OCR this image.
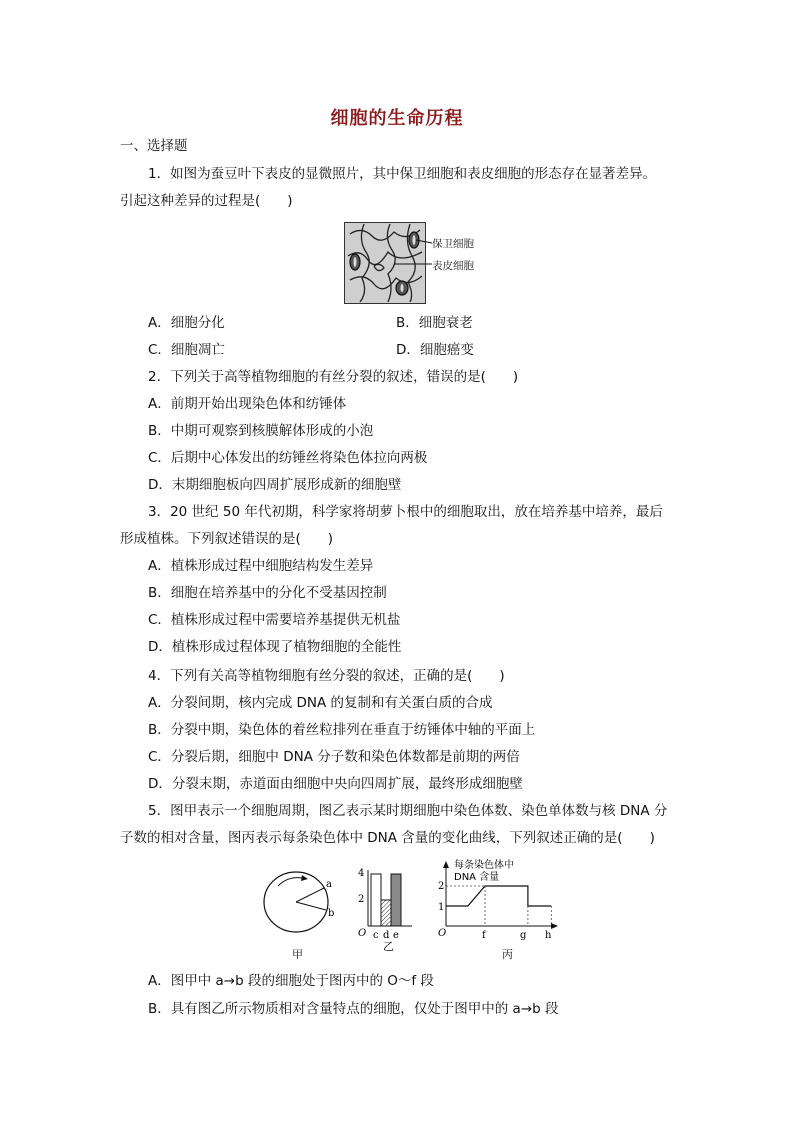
细胞的生命历程
一、选择题
1．如图为蚕豆叶下表皮的显微照片，其中保卫细胞和表皮细胞的形态存在显著差异。
引起这种差异的过程是(　　)
保卫细胞
表皮细胞
A．细胞分化	B．细胞衰老
C．细胞凋亡	D．细胞癌变
2．下列关于高等植物细胞的有丝分裂的叙述，错误的是(　　)
A．前期开始出现染色体和纺锤体
B．中期可观察到核膜解体形成的小泡
C．后期中心体发出的纺锤丝将染色体拉向两极
D．末期细胞板向四周扩展形成新的细胞壁
3．20 世纪 50 年代初期，科学家将胡萝卜根中的细胞取出，放在培养基中培养，最后
形成植株。下列叙述错误的是(　　)
A．植株形成过程中细胞结构发生差异
B．细胞在培养基中的分化不受基因控制
C．植株形成过程中需要培养基提供无机盐
D．植株形成过程体现了植物细胞的全能性
4．下列有关高等植物细胞有丝分裂的叙述，正确的是(　　)
A．分裂间期，核内完成 DNA 的复制和有关蛋白质的合成
B．分裂中期，染色体的着丝粒排列在垂直于纺锤体中轴的平面上
C．分裂后期，细胞中 DNA 分子数和染色体数都是前期的两倍
D．分裂末期，赤道面由细胞中央向四周扩展，最终形成细胞壁
5．图甲表示一个细胞周期，图乙表示某时期细胞中染色体数、染色单体数与核 DNA 分
子数的相对含量，图丙表示每条染色体中 DNA 含量的变化曲线，下列叙述正确的是(　　)
a
b
4
2
O c d e
每条染色体中
DNA 含量
2
1
O	f	g h
甲
乙
丙
A．图甲中 a→b 段的细胞处于图丙中的 O～f 段
B．具有图乙所示物质相对含量特点的细胞，仅处于图甲中的 a→b 段
